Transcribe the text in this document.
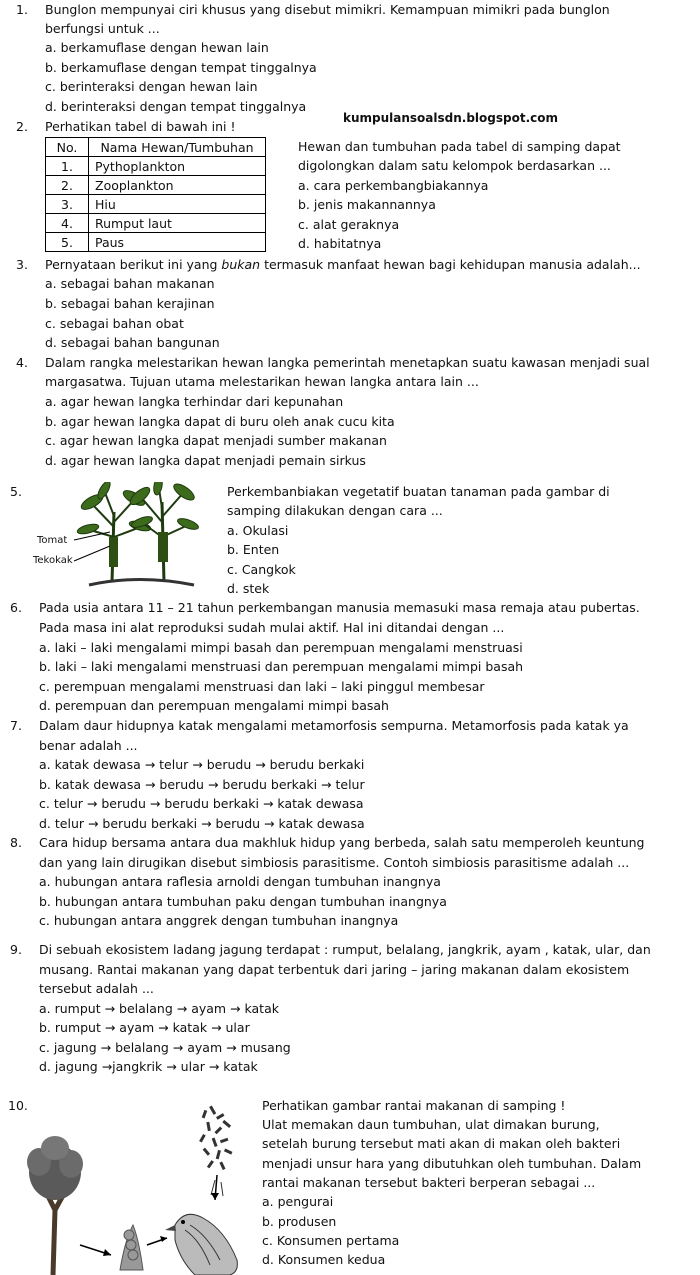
1. Bunglon mempunyai ciri khusus yang disebut mimikri. Kemampuan mimikri pada bunglon
berfungsi untuk ...
a. berkamuflase dengan hewan lain
b. berkamuflase dengan tempat tinggalnya
c. berinteraksi dengan hewan lain
d. berinteraksi dengan tempat tinggalnya
kumpulansoalsdn.blogspot.com
2. Perhatikan tabel di bawah ini !
No.	Nama Hewan/Tumbuhan
1.	Pythoplankton
2.	Zooplankton
3.	Hiu
4.	Rumput laut
5.	Paus
Hewan dan tumbuhan pada tabel di samping dapat
digolongkan dalam satu kelompok berdasarkan ...
a. cara perkembangbiakannya
b. jenis makannannya
c. alat geraknya
d. habitatnya
3. Pernyataan berikut ini yang bukan termasuk manfaat hewan bagi kehidupan manusia adalah...
a. sebagai bahan makanan
b. sebagai bahan kerajinan
c. sebagai bahan obat
d. sebagai bahan bangunan
4. Dalam rangka melestarikan hewan langka pemerintah menetapkan suatu kawasan menjadi sual
margasatwa. Tujuan utama melestarikan hewan langka antara lain ...
a. agar hewan langka terhindar dari kepunahan
b. agar hewan langka dapat di buru oleh anak cucu kita
c. agar hewan langka dapat menjadi sumber makanan
d. agar hewan langka dapat menjadi pemain sirkus
5.
Tomat
Tekokak
Perkembanbiakan vegetatif buatan tanaman pada gambar di
samping dilakukan dengan cara ...
a. Okulasi
b. Enten
c. Cangkok
d. stek
6. Pada usia antara 11 – 21 tahun perkembangan manusia memasuki masa remaja atau pubertas.
Pada masa ini alat reproduksi sudah mulai aktif. Hal ini ditandai dengan ...
a. laki – laki mengalami mimpi basah dan perempuan mengalami menstruasi
b. laki – laki mengalami menstruasi dan perempuan mengalami mimpi basah
c. perempuan mengalami menstruasi dan laki – laki pinggul membesar
d. perempuan dan perempuan mengalami mimpi basah
7. Dalam daur hidupnya katak mengalami metamorfosis sempurna. Metamorfosis pada katak ya
benar adalah ...
a. katak dewasa → telur → berudu → berudu berkaki
b. katak dewasa → berudu → berudu berkaki → telur
c. telur → berudu → berudu berkaki → katak dewasa
d. telur → berudu berkaki → berudu → katak dewasa
8. Cara hidup bersama antara dua makhluk hidup yang berbeda, salah satu memperoleh keuntung
dan yang lain dirugikan disebut simbiosis parasitisme. Contoh simbiosis parasitisme adalah ...
a. hubungan antara raflesia arnoldi dengan tumbuhan inangnya
b. hubungan antara tumbuhan paku dengan tumbuhan inangnya
c. hubungan antara anggrek dengan tumbuhan inangnya
9. Di sebuah ekosistem ladang jagung terdapat : rumput, belalang, jangkrik, ayam , katak, ular, dan
musang. Rantai makanan yang dapat terbentuk dari jaring – jaring makanan dalam ekosistem
tersebut adalah ...
a. rumput → belalang → ayam → katak
b. rumput → ayam → katak → ular
c. jagung → belalang → ayam → musang
d. jagung →jangkrik → ular → katak
10.	Perhatikan gambar rantai makanan di samping !
Ulat memakan daun tumbuhan, ulat dimakan burung,
setelah burung tersebut mati akan di makan oleh bakteri
menjadi unsur hara yang dibutuhkan oleh tumbuhan. Dalam
rantai makanan tersebut bakteri berperan sebagai ...
a. pengurai
b. produsen
c. Konsumen pertama
d. Konsumen kedua
